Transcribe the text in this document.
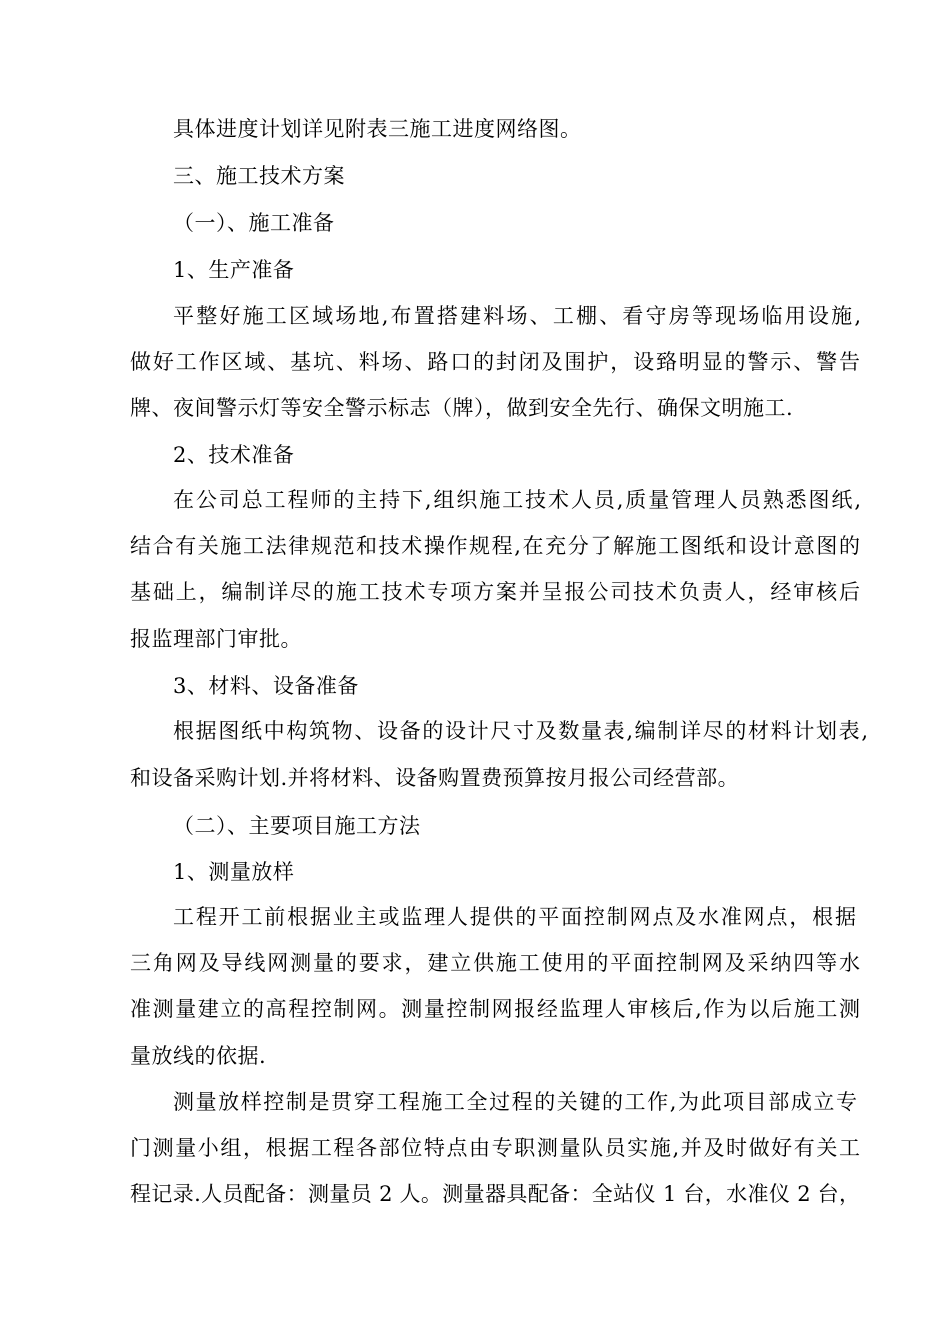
具体进度计划详见附表三施工进度网络图。

三、施工技术方案

（一）、施工准备

1、生产准备

平整好施工区域场地,布置搭建料场、工棚、看守房等现场临用设施,

做好工作区域、基坑、料场、路口的封闭及围护，设臵明显的警示、警告

牌、夜间警示灯等安全警示标志（牌），做到安全先行、确保文明施工.

2、技术准备

在公司总工程师的主持下,组织施工技术人员,质量管理人员熟悉图纸,

结合有关施工法律规范和技术操作规程,在充分了解施工图纸和设计意图的

基础上，编制详尽的施工技术专项方案并呈报公司技术负责人，经审核后

报监理部门审批。

3、材料、设备准备

根据图纸中构筑物、设备的设计尺寸及数量表,编制详尽的材料计划表,

和设备采购计划.并将材料、设备购置费预算按月报公司经营部。

（二）、主要项目施工方法

1、测量放样

工程开工前根据业主或监理人提供的平面控制网点及水准网点，根据

三角网及导线网测量的要求，建立供施工使用的平面控制网及采纳四等水

准测量建立的高程控制网。测量控制网报经监理人审核后,作为以后施工测

量放线的依据.

测量放样控制是贯穿工程施工全过程的关键的工作,为此项目部成立专

门测量小组，根据工程各部位特点由专职测量队员实施,并及时做好有关工

程记录.人员配备：测量员 2 人。测量器具配备：全站仪 1 台，水准仪 2 台，
